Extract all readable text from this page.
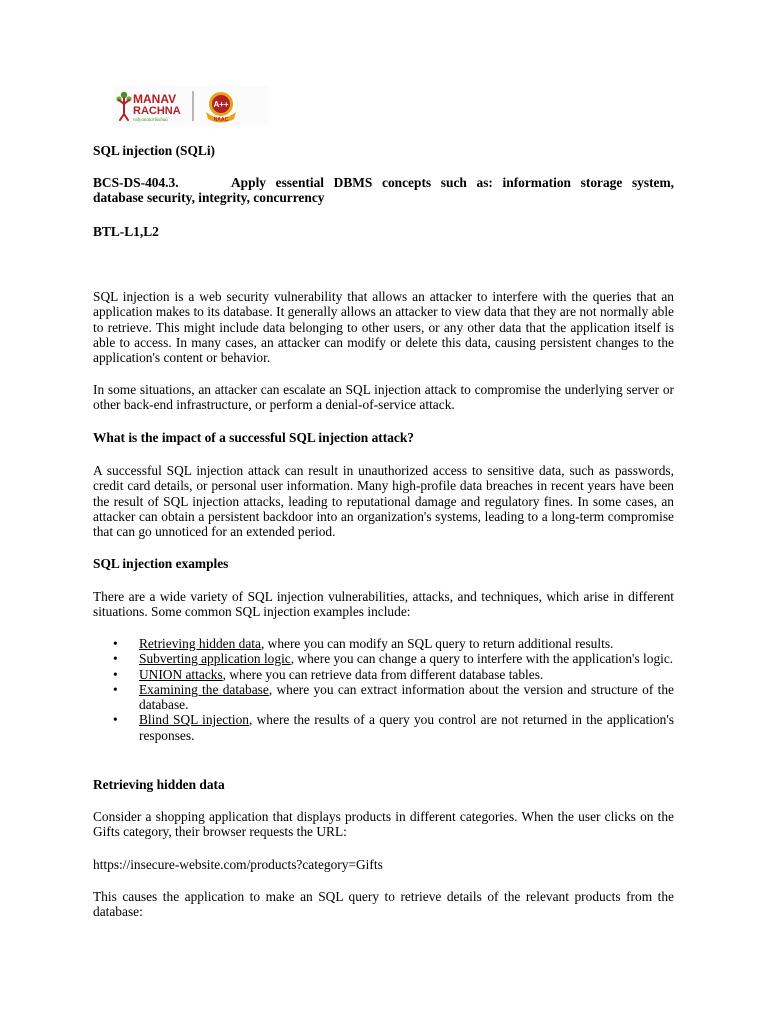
MANAV
RACHNA
vidyanatarikshaa
A++
NAAC

SQL injection (SQLi)

BCS-DS-404.3.	Apply essential DBMS concepts such as: information storage system, database security, integrity, concurrency

BTL-L1,L2

SQL injection is a web security vulnerability that allows an attacker to interfere with the queries that an application makes to its database. It generally allows an attacker to view data that they are not normally able to retrieve. This might include data belonging to other users, or any other data that the application itself is able to access. In many cases, an attacker can modify or delete this data, causing persistent changes to the application's content or behavior.

In some situations, an attacker can escalate an SQL injection attack to compromise the underlying server or other back-end infrastructure, or perform a denial-of-service attack.

What is the impact of a successful SQL injection attack?

A successful SQL injection attack can result in unauthorized access to sensitive data, such as passwords, credit card details, or personal user information. Many high-profile data breaches in recent years have been the result of SQL injection attacks, leading to reputational damage and regulatory fines. In some cases, an attacker can obtain a persistent backdoor into an organization's systems, leading to a long-term compromise that can go unnoticed for an extended period.

SQL injection examples

There are a wide variety of SQL injection vulnerabilities, attacks, and techniques, which arise in different situations. Some common SQL injection examples include:

• Retrieving hidden data, where you can modify an SQL query to return additional results.
• Subverting application logic, where you can change a query to interfere with the application's logic.
• UNION attacks, where you can retrieve data from different database tables.
• Examining the database, where you can extract information about the version and structure of the database.
• Blind SQL injection, where the results of a query you control are not returned in the application's responses.

Retrieving hidden data

Consider a shopping application that displays products in different categories. When the user clicks on the Gifts category, their browser requests the URL:

https://insecure-website.com/products?category=Gifts

This causes the application to make an SQL query to retrieve details of the relevant products from the database:
